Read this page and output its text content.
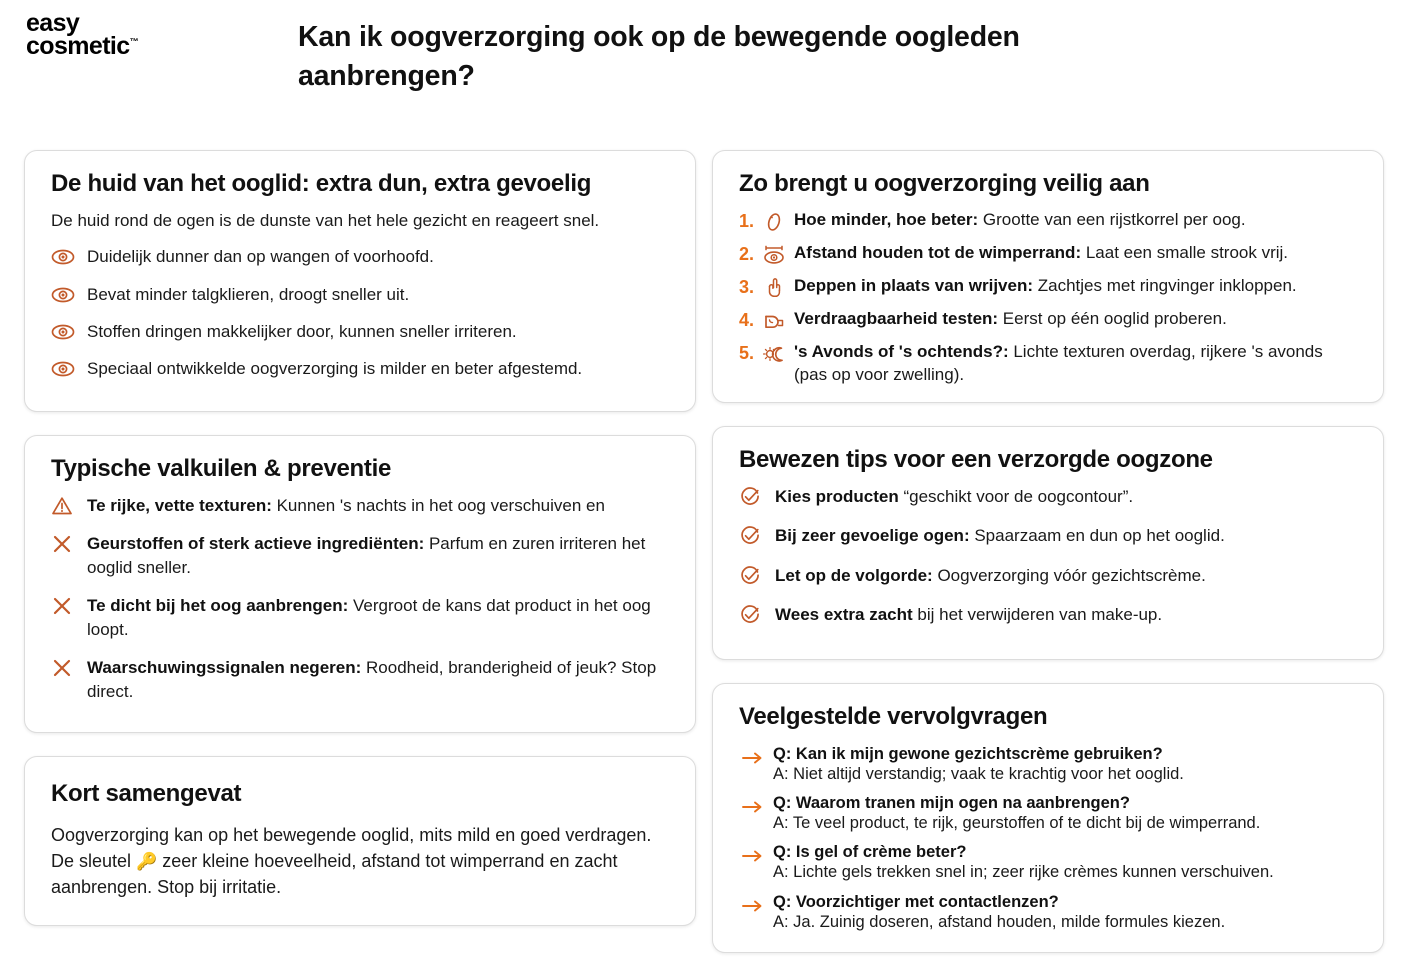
easy
cosmetic™	Kan ik oogverzorging ook op de bewegende oogleden aanbrengen?
De huid van het ooglid: extra dun, extra gevoelig
De huid rond de ogen is de dunste van het hele gezicht en reageert snel.
Duidelijk dunner dan op wangen of voorhoofd.
Bevat minder talgklieren, droogt sneller uit.
Stoffen dringen makkelijker door, kunnen sneller irriteren.
Speciaal ontwikkelde oogverzorging is milder en beter afgestemd.
Typische valkuilen & preventie
Te rijke, vette texturen: Kunnen 's nachts in het oog verschuiven en
Geurstoffen of sterk actieve ingrediënten: Parfum en zuren irriteren het ooglid sneller.
Te dicht bij het oog aanbrengen: Vergroot de kans dat product in het oog loopt.
Waarschuwingssignalen negeren: Roodheid, branderigheid of jeuk? Stop direct.
Kort samengevat
Oogverzorging kan op het bewegende ooglid, mits mild en goed verdragen. De sleutel 🔑 zeer kleine hoeveelheid, afstand tot wimperrand en zacht aanbrengen. Stop bij irritatie.
Zo brengt u oogverzorging veilig aan
1. Hoe minder, hoe beter: Grootte van een rijstkorrel per oog.
2. Afstand houden tot de wimperrand: Laat een smalle strook vrij.
3. Deppen in plaats van wrijven: Zachtjes met ringvinger inkloppen.
4. Verdraagbaarheid testen: Eerst op één ooglid proberen.
5. 's Avonds of 's ochtends?: Lichte texturen overdag, rijkere 's avonds (pas op voor zwelling).
Bewezen tips voor een verzorgde oogzone
Kies producten “geschikt voor de oogcontour”.
Bij zeer gevoelige ogen: Spaarzaam en dun op het ooglid.
Let op de volgorde: Oogverzorging vóór gezichtscrème.
Wees extra zacht bij het verwijderen van make-up.
Veelgestelde vervolgvragen
Q: Kan ik mijn gewone gezichtscrème gebruiken?
A: Niet altijd verstandig; vaak te krachtig voor het ooglid.
Q: Waarom tranen mijn ogen na aanbrengen?
A: Te veel product, te rijk, geurstoffen of te dicht bij de wimperrand.
Q: Is gel of crème beter?
A: Lichte gels trekken snel in; zeer rijke crèmes kunnen verschuiven.
Q: Voorzichtiger met contactlenzen?
A: Ja. Zuinig doseren, afstand houden, milde formules kiezen.
